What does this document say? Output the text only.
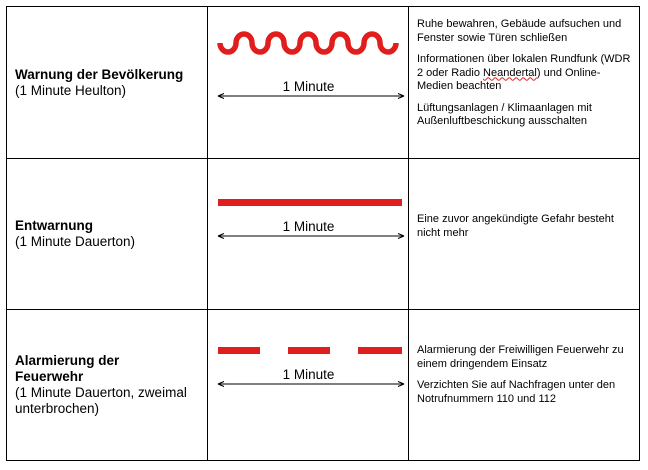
Warnung der Bevölkerung
(1 Minute Heulton)	1 Minute

Ruhe bewahren, Gebäude aufsuchen und Fenster sowie Türen schließen

Informationen über lokalen Rundfunk (WDR 2 oder Radio Neandertal) und Online-Medien beachten

Lüftungsanlagen / Klimaanlagen mit Außenluftbeschickung ausschalten

Entwarnung
(1 Minute Dauerton)
1 Minute	Eine zuvor angekündigte Gefahr besteht nicht mehr

Alarmierung der Feuerwehr
(1 Minute Dauerton, zweimal unterbrochen)
1 Minute

Alarmierung der Freiwilligen Feuerwehr zu einem dringendem Einsatz

Verzichten Sie auf Nachfragen unter den Notrufnummern 110 und 112
